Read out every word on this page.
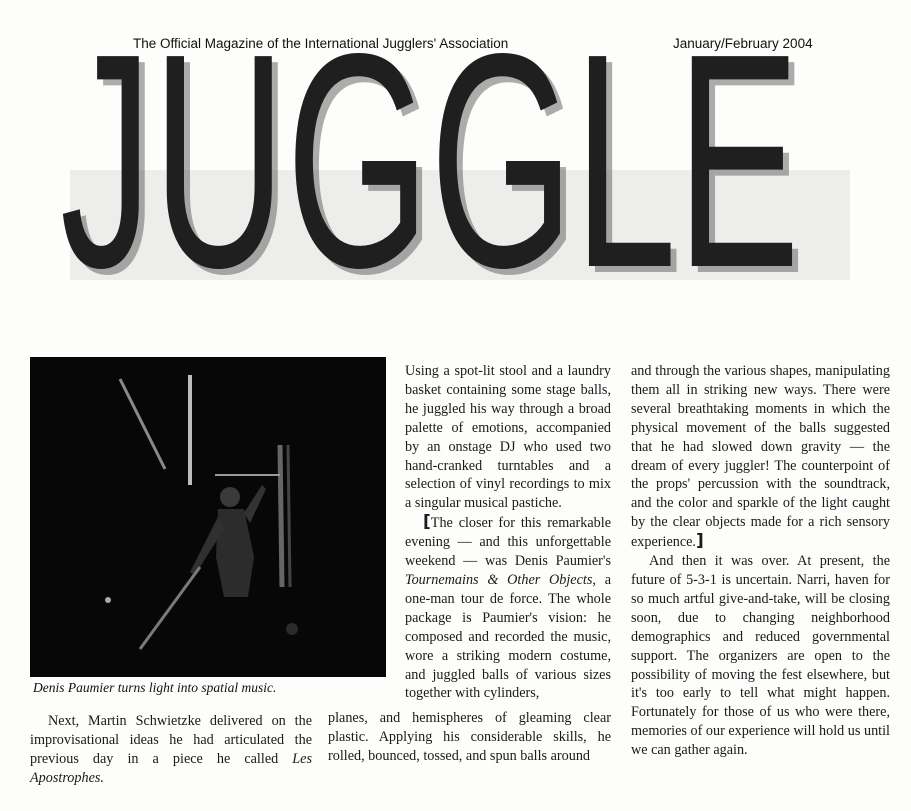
The Official Magazine of the International Jugglers' Association	January/February 2004
JUGGLE
JUGGLE
Denis Paumier turns light into spatial music.

Next, Martin Schwietzke delivered on the improvisational ideas he had articulated the previous day in a piece he called Les Apostrophes.

Using a spot-lit stool and a laundry basket containing some stage balls, he juggled his way through a broad palette of emotions, accompanied by an onstage DJ who used two hand-cranked turntables and a selection of vinyl recordings to mix a singular musical pastiche.

[The closer for this remarkable evening — and this unforgettable weekend — was Denis Paumier's Tournemains & Other Objects, a one-man tour de force. The whole package is Paumier's vision: he composed and recorded the music, wore a striking modern costume, and juggled balls of various sizes together with cylinders,

planes, and hemispheres of gleaming clear plastic. Applying his considerable skills, he rolled, bounced, tossed, and spun balls around

and through the various shapes, manipulating them all in striking new ways. There were several breathtaking moments in which the physical movement of the balls suggested that he had slowed down gravity — the dream of every juggler! The counterpoint of the props' percussion with the soundtrack, and the color and sparkle of the light caught by the clear objects made for a rich sensory experience.]

And then it was over. At present, the future of 5-3-1 is uncertain. Narri, haven for so much artful give-and-take, will be closing soon, due to changing neighborhood demographics and reduced governmental support. The organizers are open to the possibility of moving the fest elsewhere, but it's too early to tell what might happen. Fortunately for those of us who were there, memories of our experience will hold us until we can gather again.
